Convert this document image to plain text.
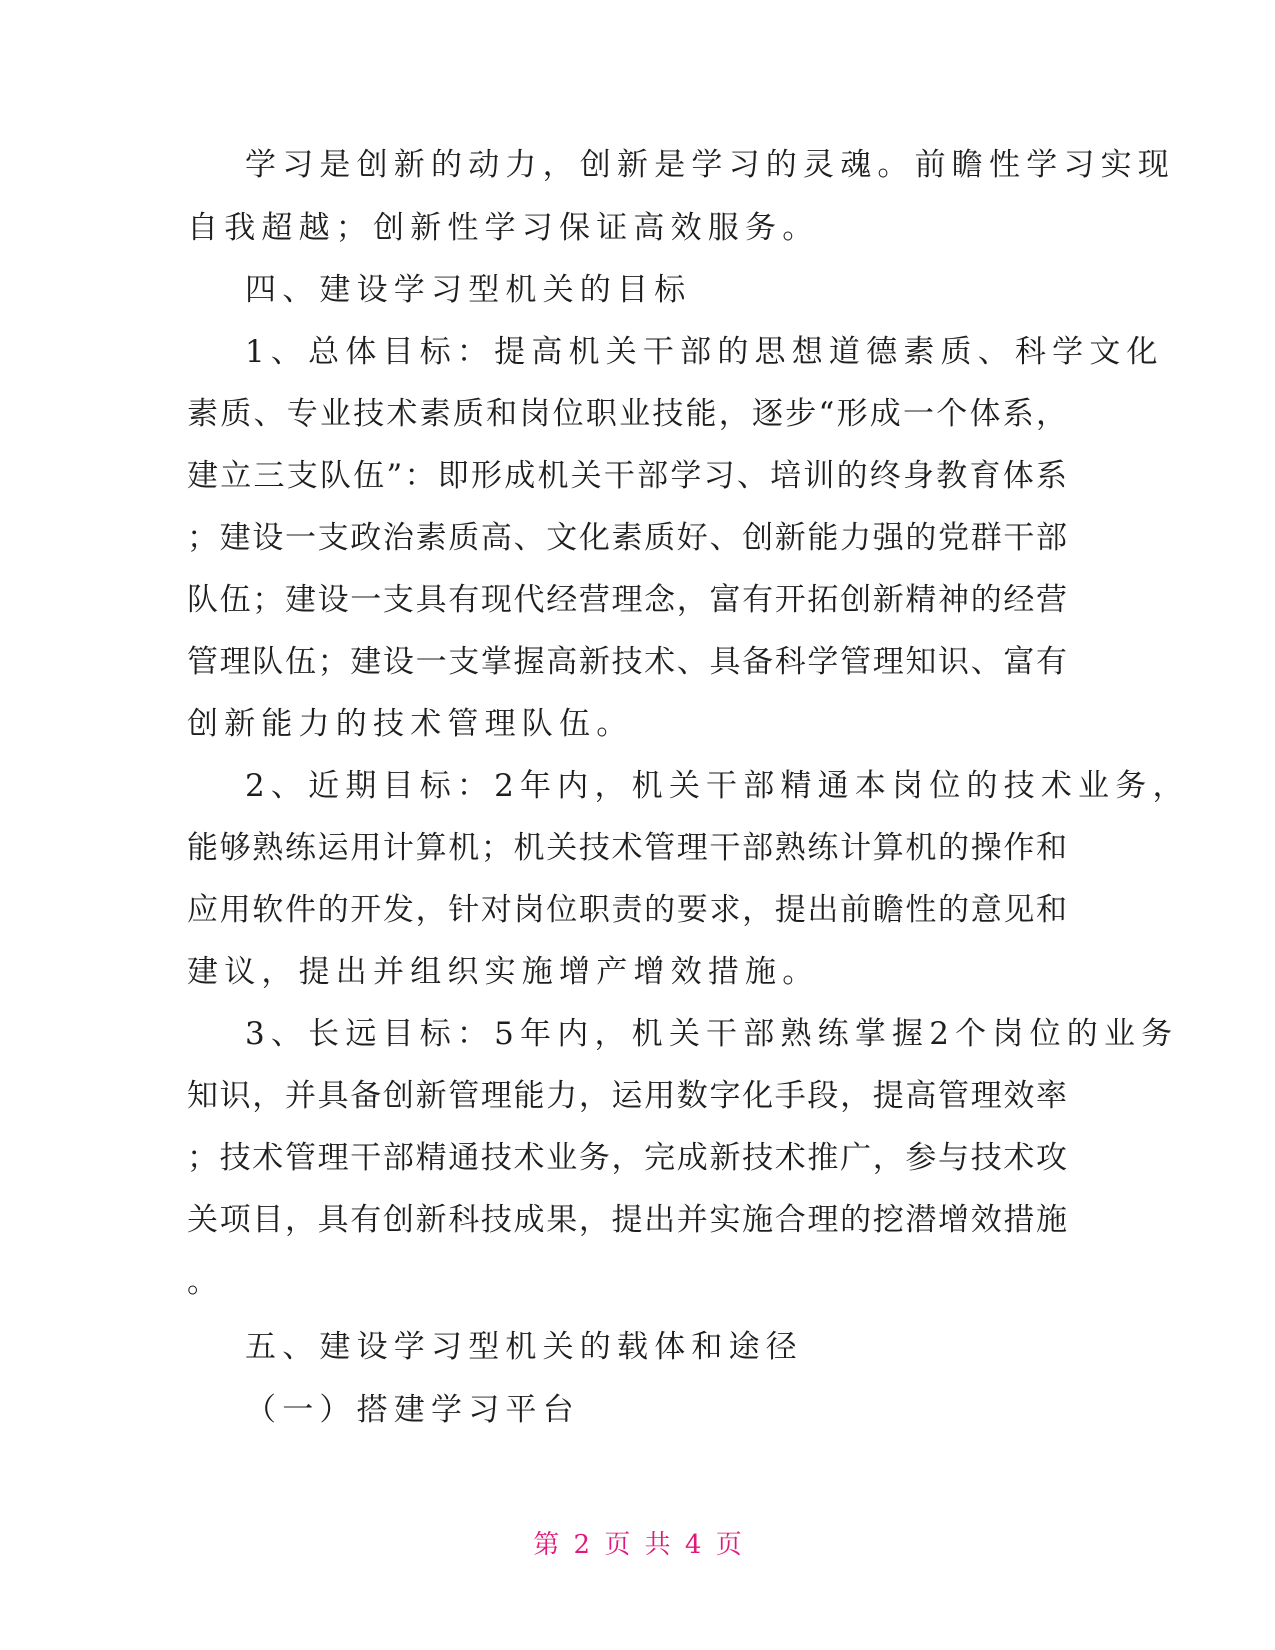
学习是创新的动力，创新是学习的灵魂。前瞻性学习实现
自我超越；创新性学习保证高效服务。
四、建设学习型机关的目标
1、总体目标：提高机关干部的思想道德素质、科学文化
素质、专业技术素质和岗位职业技能，逐步“形成一个体系，
建立三支队伍”：即形成机关干部学习、培训的终身教育体系
；建设一支政治素质高、文化素质好、创新能力强的党群干部
队伍；建设一支具有现代经营理念，富有开拓创新精神的经营
管理队伍；建设一支掌握高新技术、具备科学管理知识、富有
创新能力的技术管理队伍。
2、近期目标：2年内，机关干部精通本岗位的技术业务，
能够熟练运用计算机；机关技术管理干部熟练计算机的操作和
应用软件的开发，针对岗位职责的要求，提出前瞻性的意见和
建议，提出并组织实施增产增效措施。
3、长远目标：5年内，机关干部熟练掌握2个岗位的业务
知识，并具备创新管理能力，运用数字化手段，提高管理效率
；技术管理干部精通技术业务，完成新技术推广，参与技术攻
关项目，具有创新科技成果，提出并实施合理的挖潜增效措施
。
五、建设学习型机关的载体和途径
（一）搭建学习平台
第 2 页 共 4 页
